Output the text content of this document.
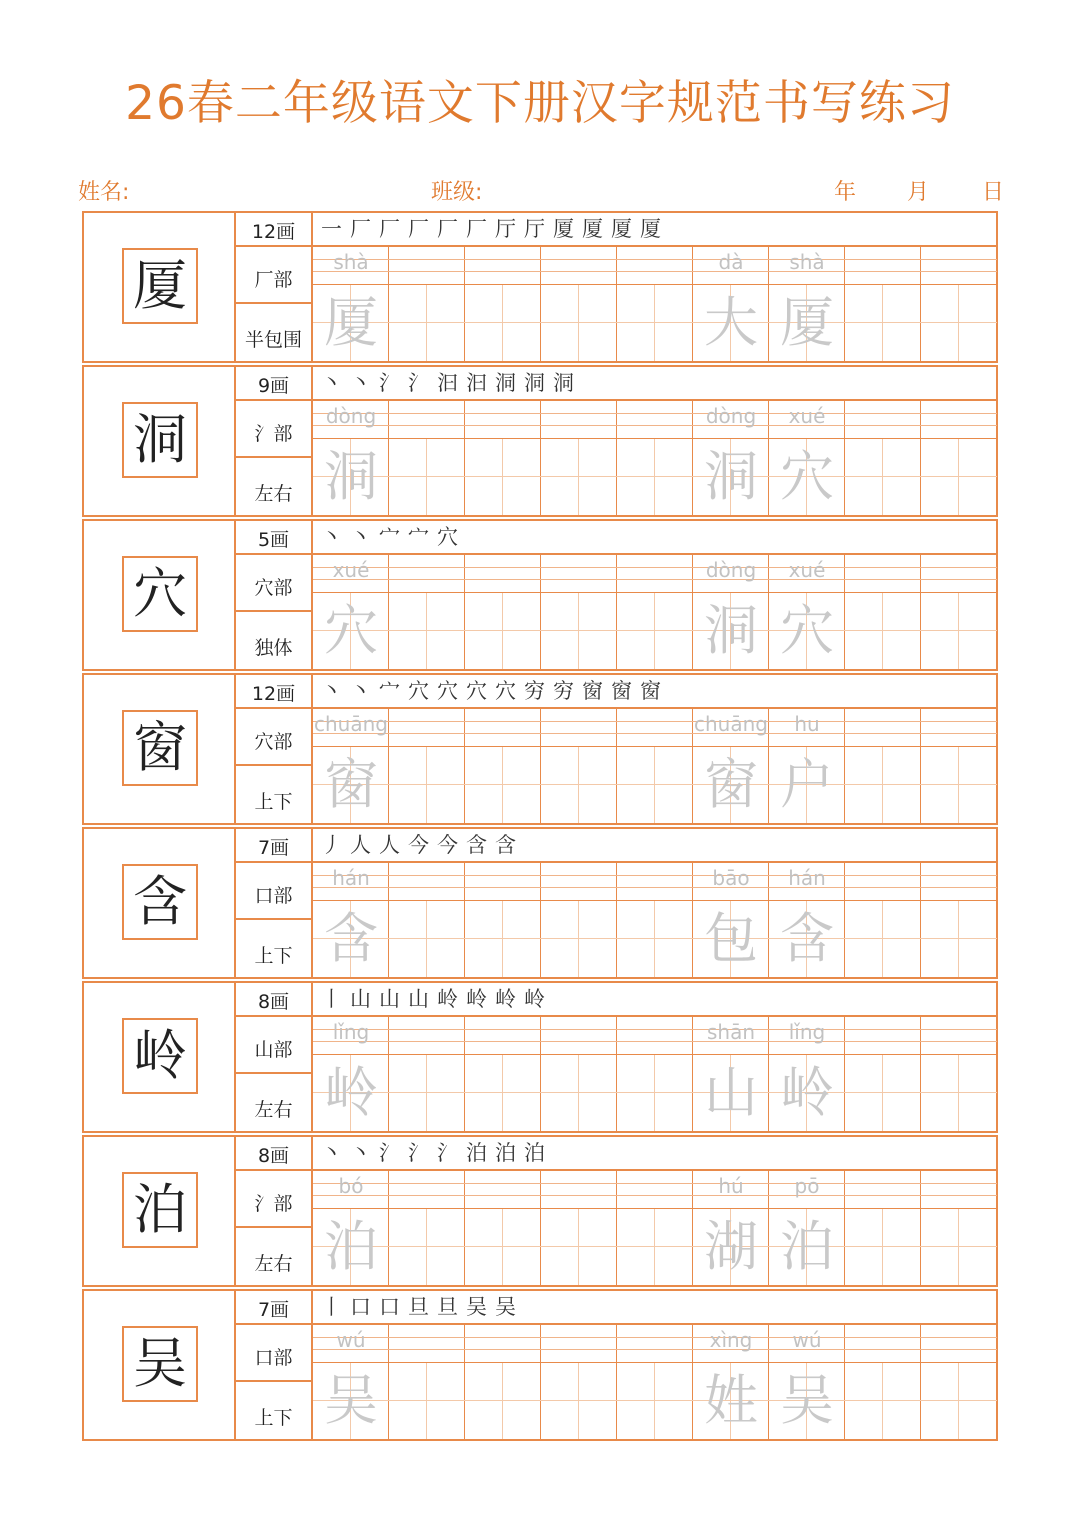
26春二年级语文下册汉字规范书写练习
姓名:	班级:	年 月 日
厦
12画
厂部
半包围
一厂厂厂厂厂厅厅厦厦厦厦
shà
厦
dà
大
shà
厦
洞
9画
氵部
左右
丶丶氵氵汩汩洞洞洞
dòng
洞
dòng
洞
xué
穴
穴
5画
穴部
独体
丶丶宀宀穴
xué
穴
dòng
洞
xué
穴
窗
12画
穴部
上下
丶丶宀穴穴穴穴穷穷窗窗窗
chuāng
窗
chuāng
窗
hu
户
含
7画
口部
上下
丿人人今今含含
hán
含
bāo
包
hán
含
岭
8画
山部
左右
丨山山山岭岭岭岭
lǐng
岭
shān
山
lǐng
岭
泊
8画
氵部
左右
丶丶氵氵氵泊泊泊
bó
泊
hú
湖
pō
泊
吴
7画
口部
上下
丨口口旦旦吴吴
wú
吴
xìng
姓
wú
吴
